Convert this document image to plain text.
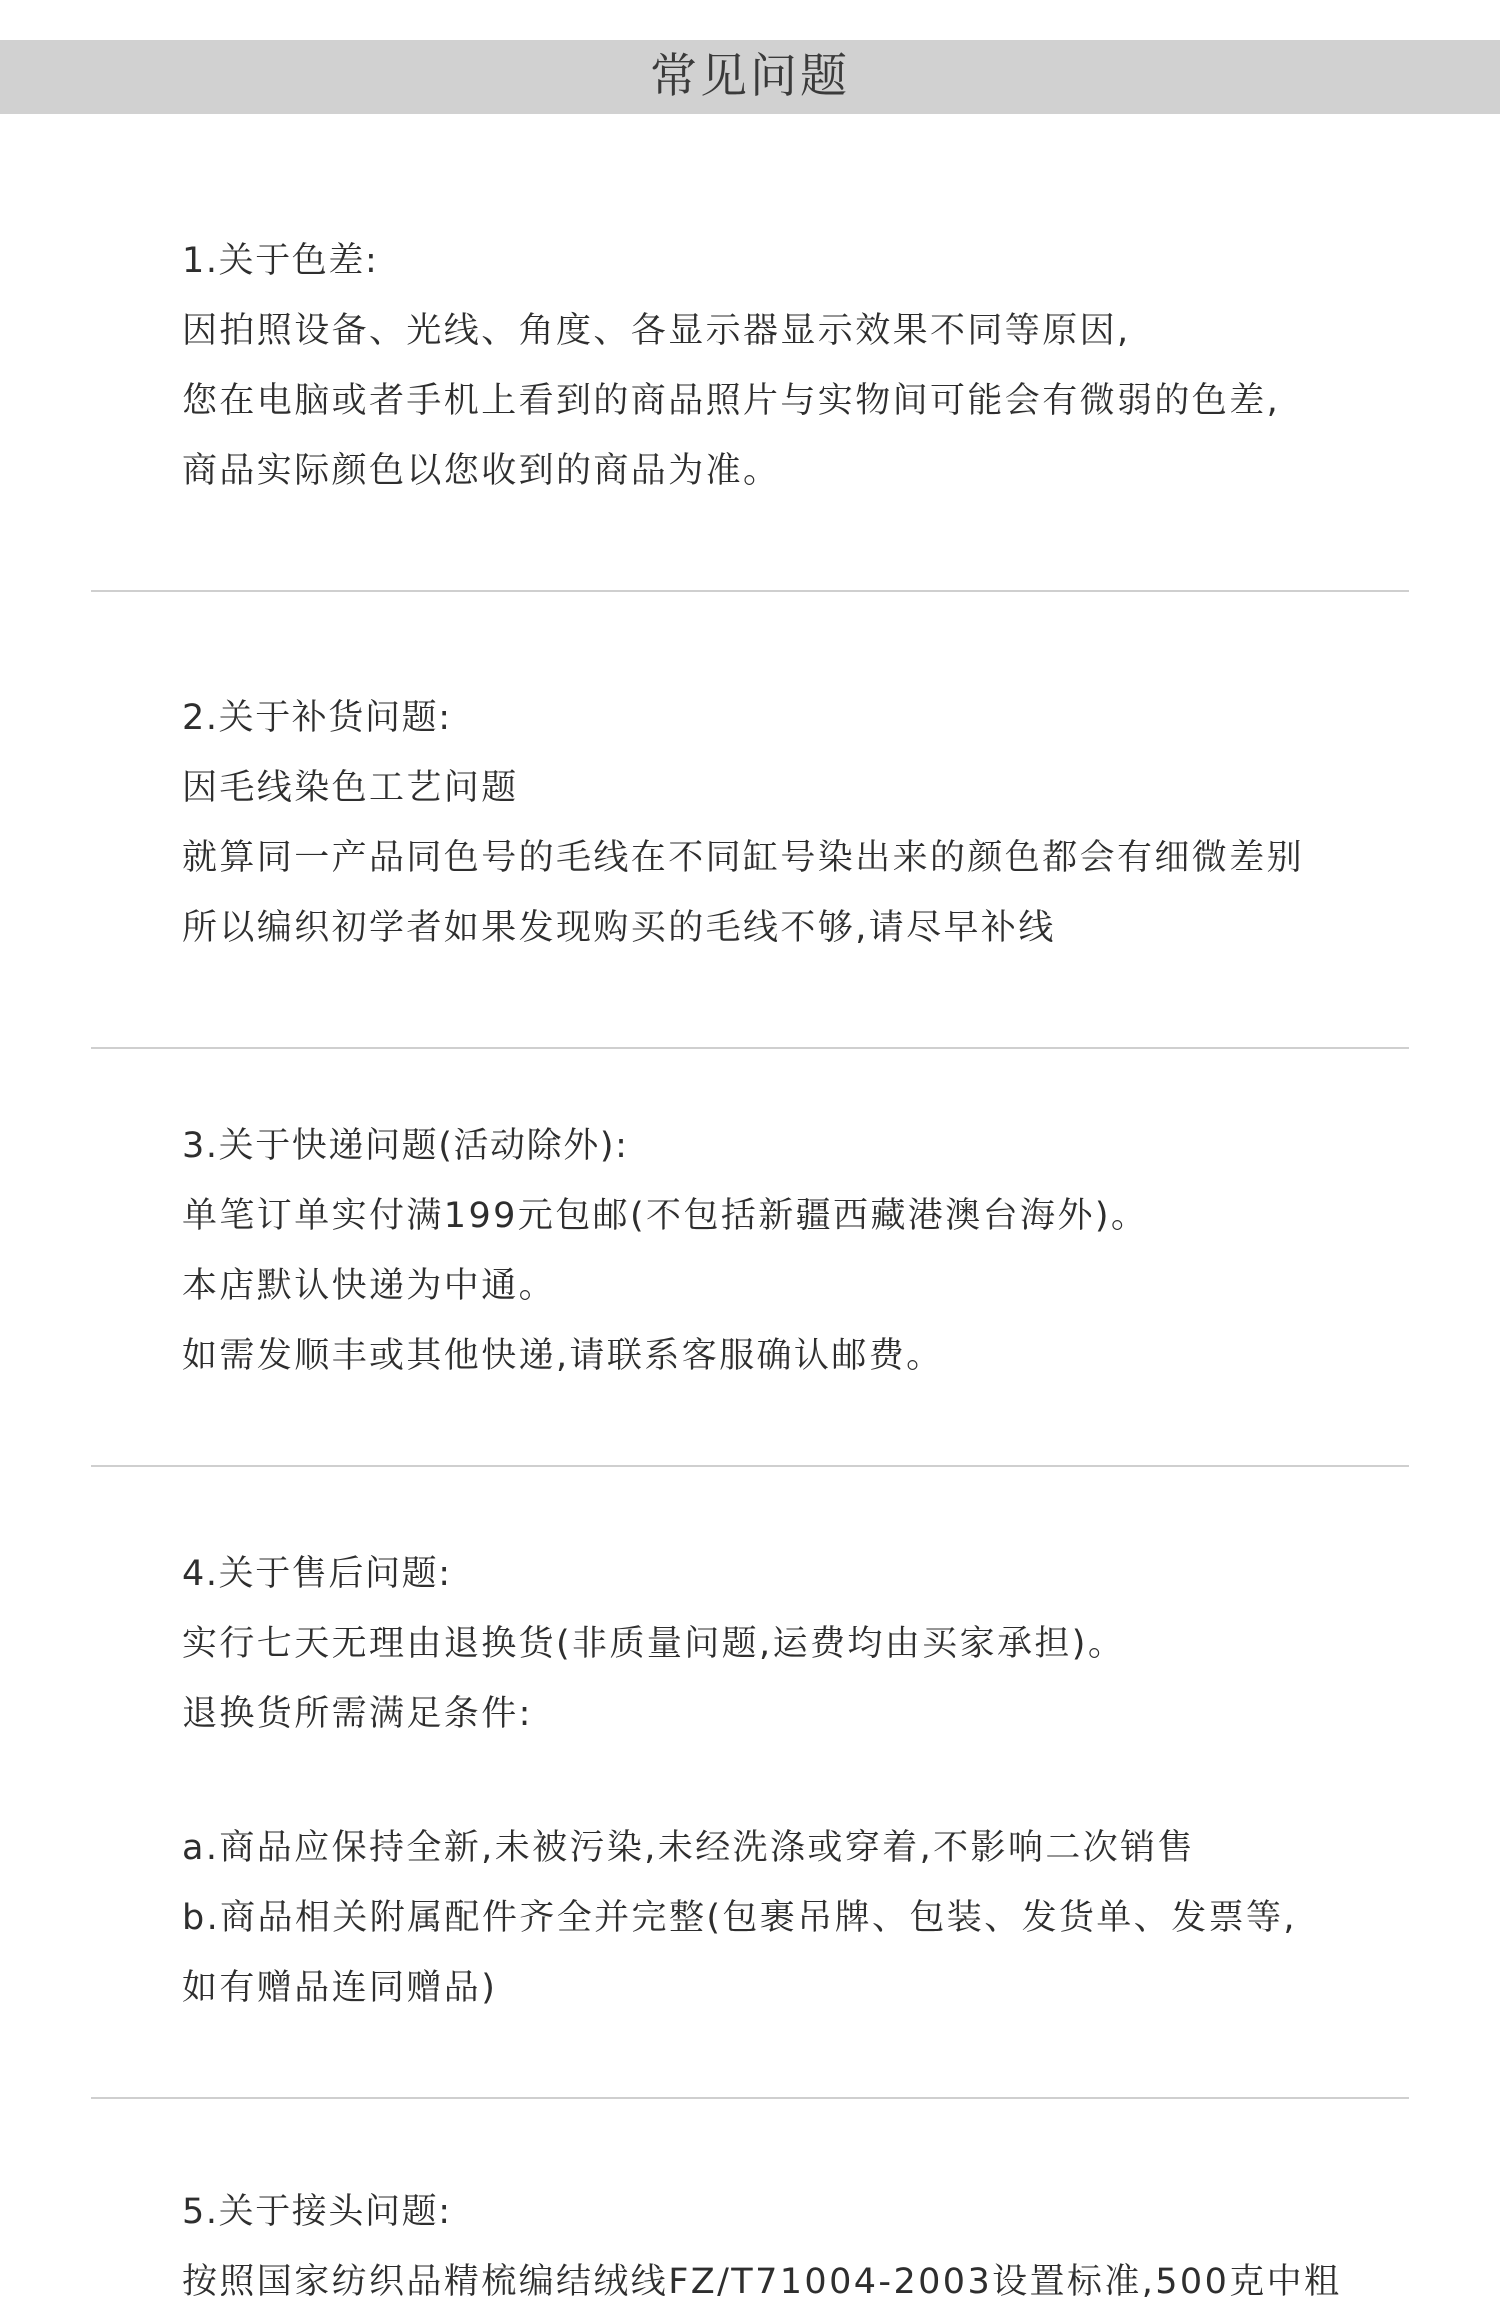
常见问题
1.关于色差:
因拍照设备、光线、角度、各显示器显示效果不同等原因,
您在电脑或者手机上看到的商品照片与实物间可能会有微弱的色差,
商品实际颜色以您收到的商品为准。
2.关于补货问题:
因毛线染色工艺问题
就算同一产品同色号的毛线在不同缸号染出来的颜色都会有细微差别
所以编织初学者如果发现购买的毛线不够,请尽早补线
3.关于快递问题(活动除外):
单笔订单实付满199元包邮(不包括新疆西藏港澳台海外)。
本店默认快递为中通。
如需发顺丰或其他快递,请联系客服确认邮费。
4.关于售后问题:
实行七天无理由退换货(非质量问题,运费均由买家承担)。
退换货所需满足条件:
a.商品应保持全新,未被污染,未经洗涤或穿着,不影响二次销售
b.商品相关附属配件齐全并完整(包裹吊牌、包装、发货单、发票等,
如有赠品连同赠品)
5.关于接头问题:
按照国家纺织品精梳编结绒线FZ/T71004-2003设置标准,500克中粗
